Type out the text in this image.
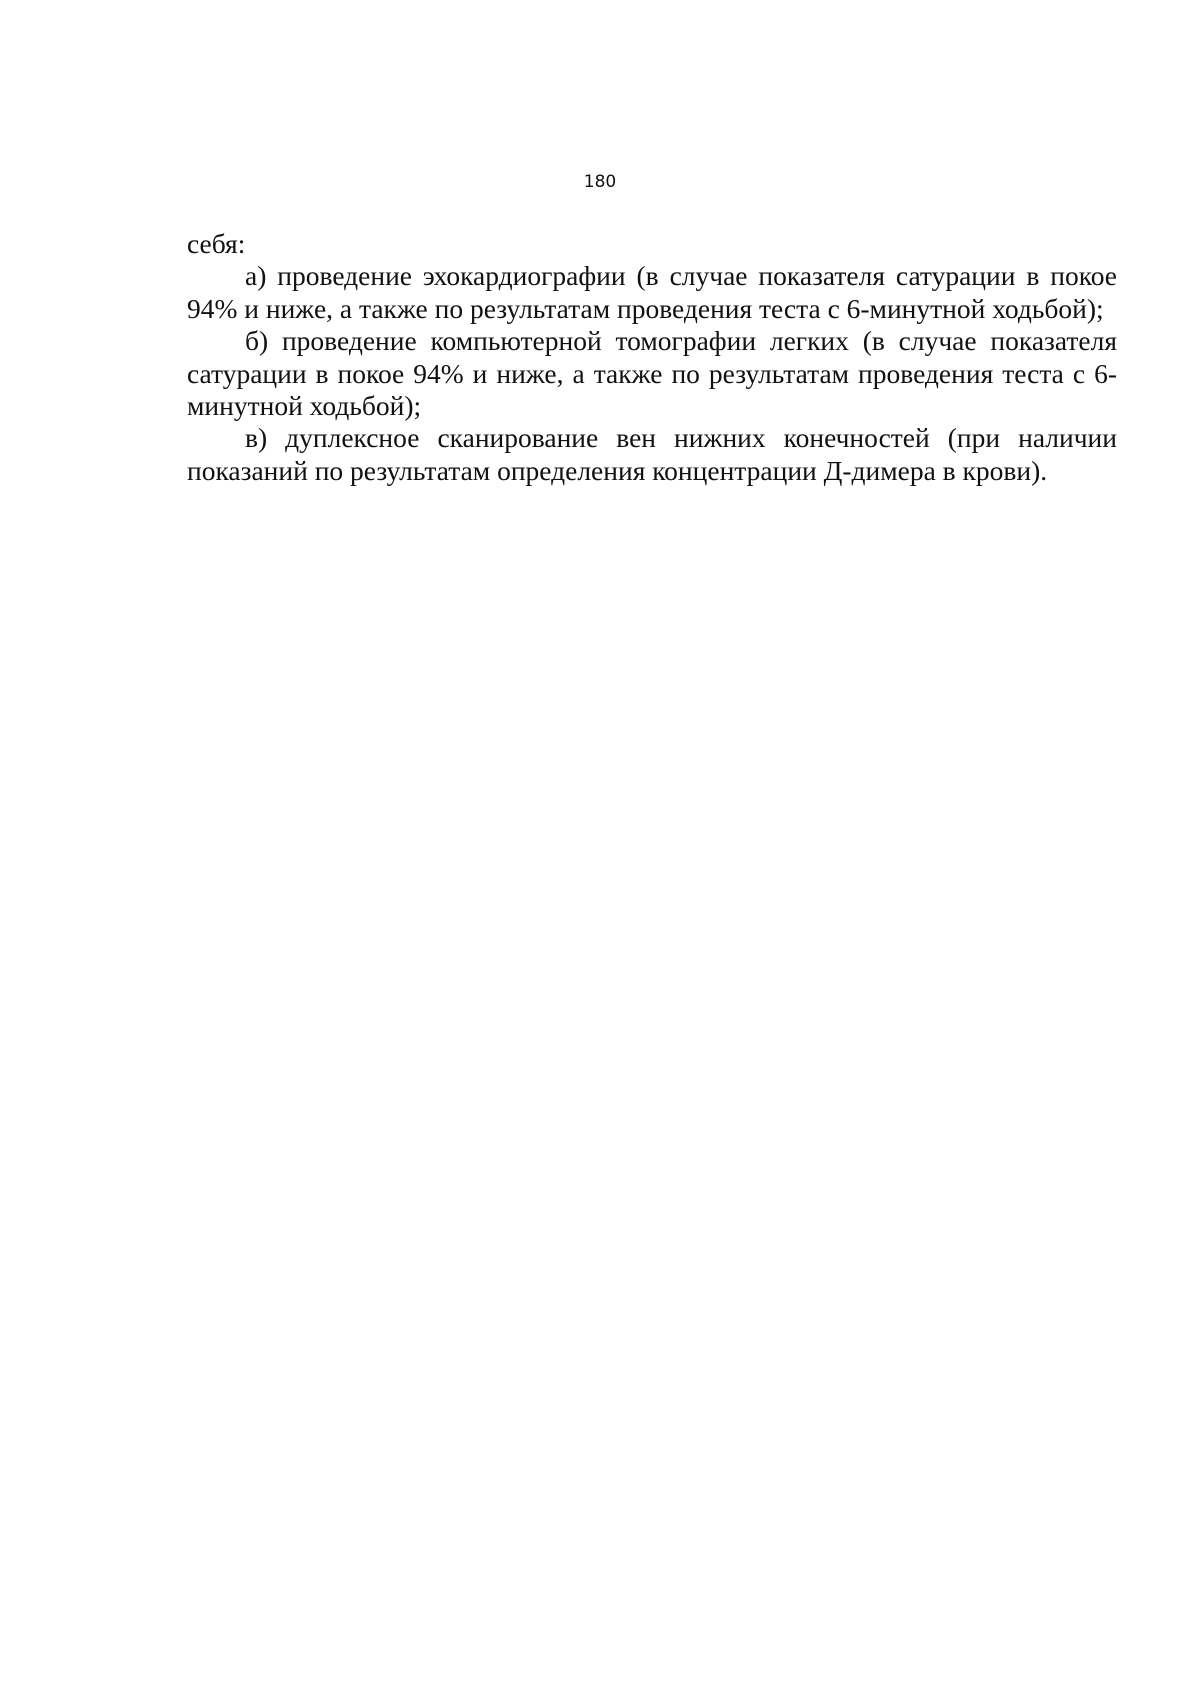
180

себя:

а) проведение эхокардиографии (в случае показателя сатурации в покое 94% и ниже, а также по результатам проведения теста с 6-минутной ходьбой);

б) проведение компьютерной томографии легких (в случае показателя сатурации в покое 94% и ниже, а также по результатам проведения теста с 6-минутной ходьбой);

в) дуплексное сканирование вен нижних конечностей (при наличии показаний по результатам определения концентрации Д-димера в крови).
